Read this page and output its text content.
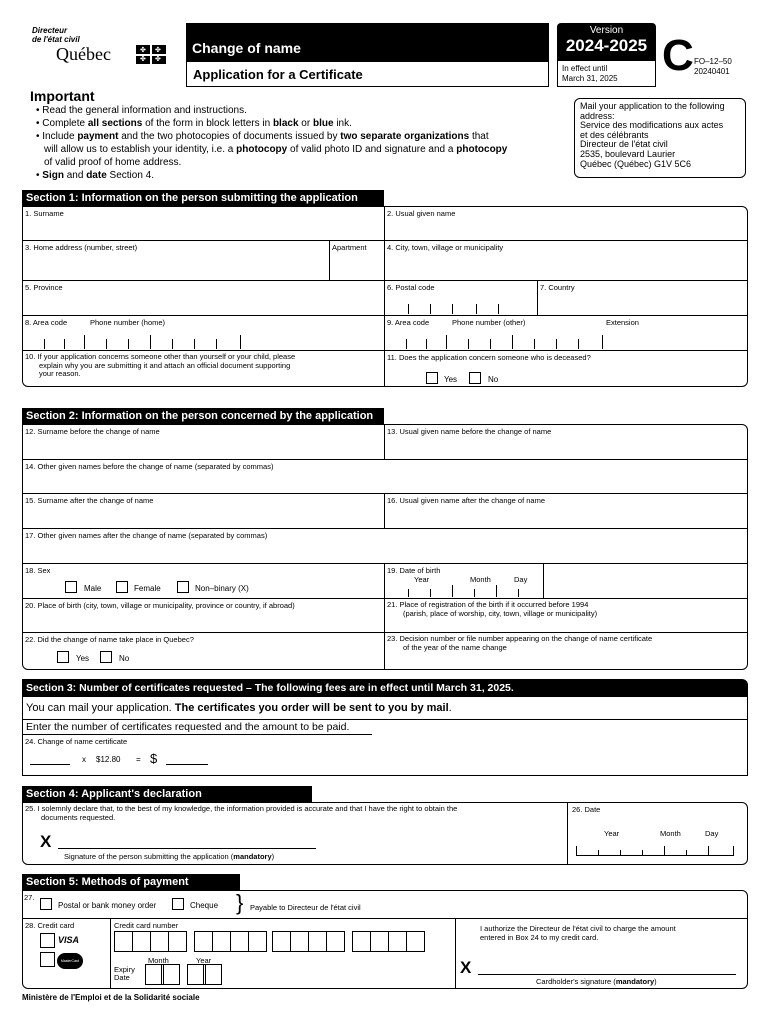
Directeur
de l'état civil
Québec	✤ ✤
✤ ✤
Change of name
Application for a Certificate
Version
2024-2025
In effect until
March 31, 2025 C FO–12–50
20240401
Important
• Read the general information and instructions.
• Complete all sections of the form in block letters in black or blue ink.
• Include payment and the two photocopies of documents issued by two separate organizations that
will allow us to establish your identity, i.e. a photocopy of valid photo ID and signature and a photocopy
of valid proof of home address.
• Sign and date Section 4.
Mail your application to the following
address:
Service des modifications aux actes
et des célébrants
Directeur de l'état civil
2535, boulevard Laurier
Québec (Québec) G1V 5C6
Section 1: Information on the person submitting the application
1. Surname	2. Usual given name
3. Home address (number, street)	Apartment	4. City, town, village or municipality
5. Province	6. Postal code	7. Country
8. Area code	Phone number (home)	9. Area code	Phone number (other)	Extension
10. If your application concerns someone other than yourself or your child, please
explain why you are submitting it and attach an official document supporting
your reason.
11. Does the application concern someone who is deceased?
Yes	No
Section 2: Information on the person concerned by the application
12. Surname before the change of name	13. Usual given name before the change of name
14. Other given names before the change of name (separated by commas)
15. Surname after the change of name	16. Usual given name after the change of name
17. Other given names after the change of name (separated by commas)
18. Sex
Male	Female	Non–binary (X)
19. Date of birth
Year	Month	Day
20. Place of birth (city, town, village or municipality, province or country, if abroad)	21. Place of registration of the birth if it occurred before 1994
(parish, place of worship, city, town, village or municipality)
22. Did the change of name take place in Quebec?
Yes	No
23. Decision number or file number appearing on the change of name certificate
of the year of the name change
Section 3: Number of certificates requested – The following fees are in effect until March 31, 2025.
You can mail your application. The certificates you order will be sent to you by mail.
Enter the number of certificates requested and the amount to be paid.
24. Change of name certificate
x $12.80 = $
Section 4: Applicant's declaration
25. I solemnly declare that, to the best of my knowledge, the information provided is accurate and that I have the right to obtain the
documents requested.
X
Signature of the person submitting the application (mandatory)
26. Date
Year	Month	Day
Section 5: Methods of payment
27.
Postal or bank money order	Cheque } Payable to Directeur de l'état civil
28. Credit card
VISA
MasterCard
Credit card number
Expiry
Date
Month	Year
I authorize the Directeur de l'état civil to charge the amount
entered in Box 24 to my credit card.
X
Cardholder's signature (mandatory)
Ministère de l'Emploi et de la Solidarité sociale
